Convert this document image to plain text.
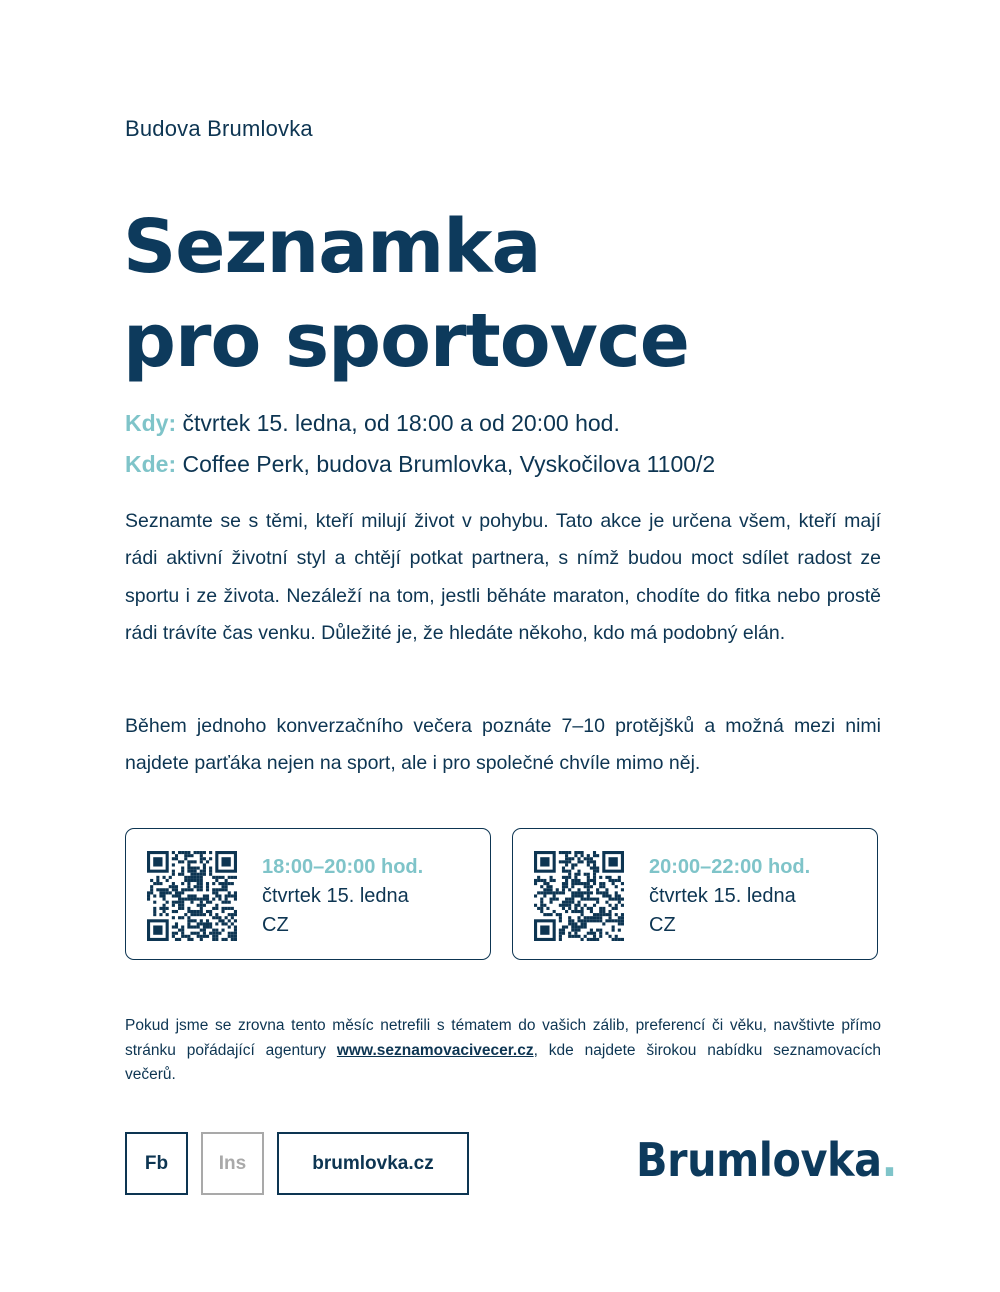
Budova Brumlovka
Seznamka
pro sportovce
Kdy: čtvrtek 15. ledna, od 18:00 a od 20:00 hod.
Kde: Coffee Perk, budova Brumlovka, Vyskočilova 1100/2

Seznamte se s těmi, kteří milují život v pohybu. Tato akce je určena všem, kteří mají rádi aktivní životní styl a chtějí potkat partnera, s nímž budou moct sdílet radost ze sportu i ze života. Nezáleží na tom, jestli běháte maraton, chodíte do fitka nebo prostě rádi trávíte čas venku. Důležité je, že hledáte někoho, kdo má podobný elán.

Během jednoho konverzačního večera poznáte 7–10 protějšků a možná mezi nimi najdete parťáka nejen na sport, ale i pro společné chvíle mimo něj.

18:00–20:00 hod.
čtvrtek 15. ledna
CZ
20:00–22:00 hod.
čtvrtek 15. ledna
CZ

Pokud jsme se zrovna tento měsíc netrefili s tématem do vašich zálib, preferencí či věku, navštivte přímo stránku pořádající agentury www.seznamovacivecer.cz, kde najdete širokou nabídku seznamovacích večerů.

Fb	Ins	brumlovka.cz	Brumlovka.
